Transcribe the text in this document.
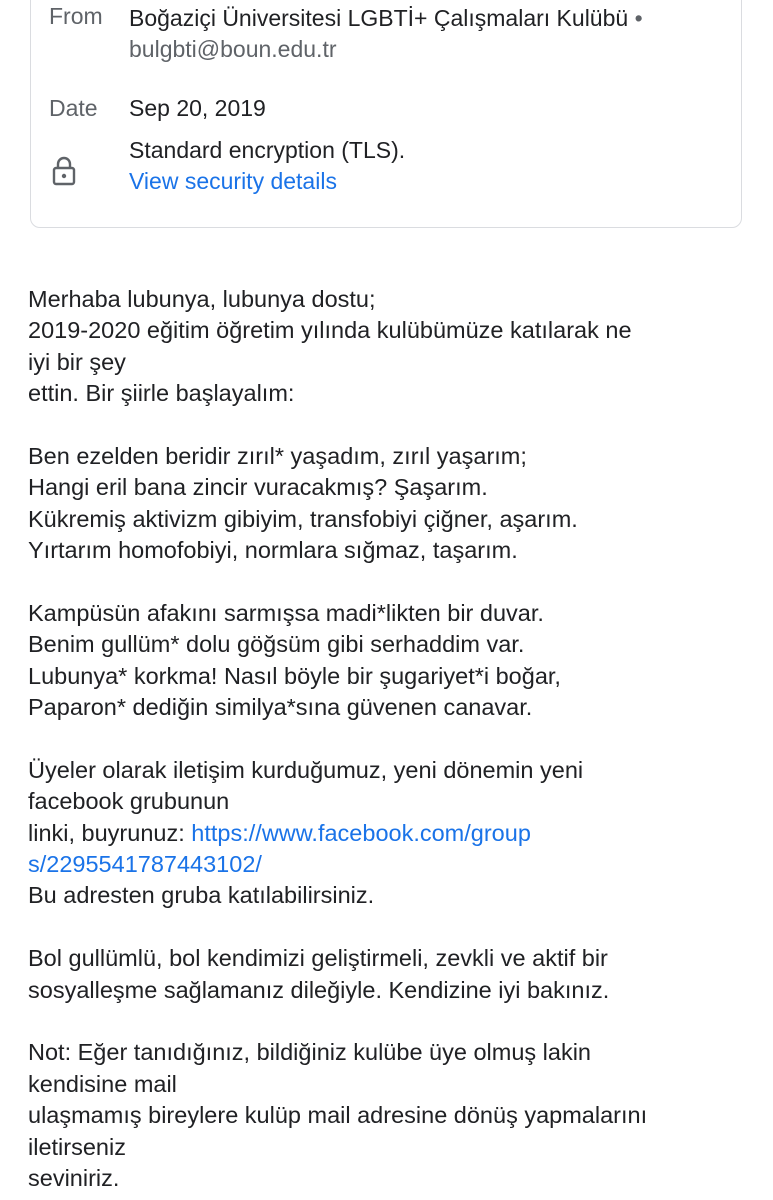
From Boğaziçi Üniversitesi LGBTİ+ Çalışmaları Kulübü •
bulgbti@boun.edu.tr
Date Sep 20, 2019
Standard encryption (TLS).
View security details
Merhaba lubunya, lubunya dostu;
2019-2020 eğitim öğretim yılında kulübümüze katılarak ne
iyi bir şey
ettin. Bir şiirle başlayalım:
Ben ezelden beridir zırıl* yaşadım, zırıl yaşarım;
Hangi eril bana zincir vuracakmış? Şaşarım.
Kükremiş aktivizm gibiyim, transfobiyi çiğner, aşarım.
Yırtarım homofobiyi, normlara sığmaz, taşarım.
Kampüsün afakını sarmışsa madi*likten bir duvar.
Benim gullüm* dolu göğsüm gibi serhaddim var.
Lubunya* korkma! Nasıl böyle bir şugariyet*i boğar,
Paparon* dediğin similya*sına güvenen canavar.
Üyeler olarak iletişim kurduğumuz, yeni dönemin yeni
facebook grubunun
linki, buyrunuz: https://www.facebook.com/group
s/2295541787443102/
Bu adresten gruba katılabilirsiniz.
Bol gullümlü, bol kendimizi geliştirmeli, zevkli ve aktif bir
sosyalleşme sağlamanız dileğiyle. Kendizine iyi bakınız.
Not: Eğer tanıdığınız, bildiğiniz kulübe üye olmuş lakin
kendisine mail
ulaşmamış bireylere kulüp mail adresine dönüş yapmalarını
iletirseniz
seviniriz.
